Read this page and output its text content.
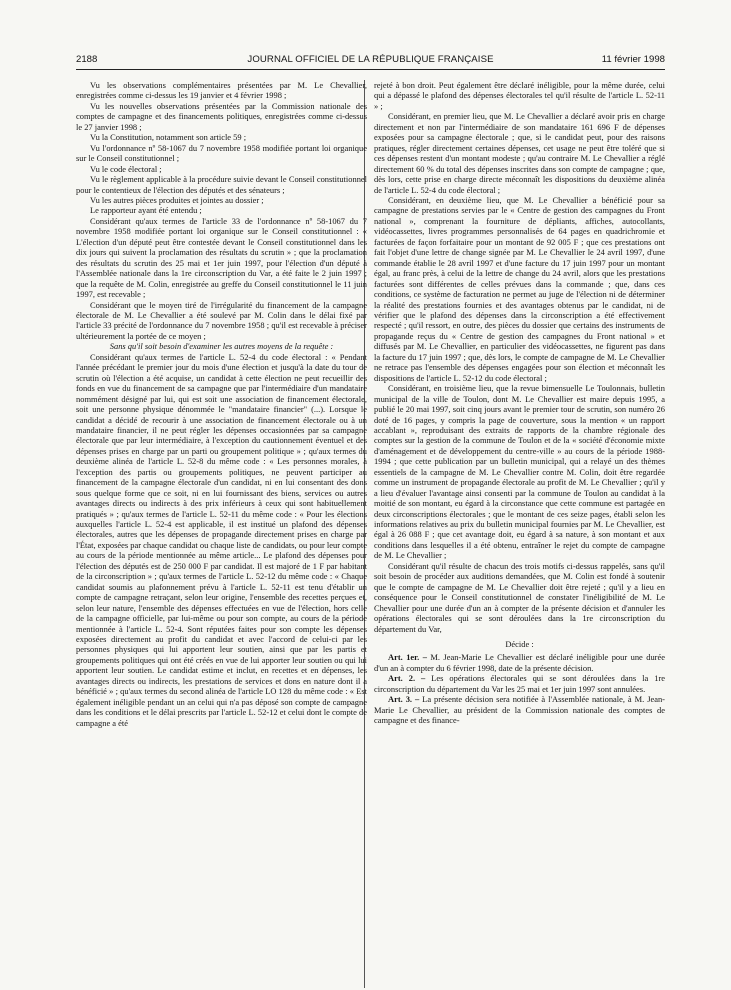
2188	JOURNAL OFFICIEL DE LA RÉPUBLIQUE FRANÇAISE	11 février 1998

Vu les observations complémentaires présentées par M. Le Chevallier, enregistrées comme ci-dessus les 19 janvier et 4 février 1998 ;

Vu les nouvelles observations présentées par la Commission nationale des comptes de campagne et des financements politiques, enregistrées comme ci-dessus le 27 janvier 1998 ;

Vu la Constitution, notamment son article 59 ;

Vu l'ordonnance nº 58-1067 du 7 novembre 1958 modifiée portant loi organique sur le Conseil constitutionnel ;

Vu le code électoral ;

Vu le règlement applicable à la procédure suivie devant le Conseil constitutionnel pour le contentieux de l'élection des députés et des sénateurs ;

Vu les autres pièces produites et jointes au dossier ;

Le rapporteur ayant été entendu ;

Considérant qu'aux termes de l'article 33 de l'ordonnance nº 58-1067 du 7 novembre 1958 modifiée portant loi organique sur le Conseil constitutionnel : « L'élection d'un député peut être contestée devant le Conseil constitutionnel dans les dix jours qui suivent la proclamation des résultats du scrutin » ; que la proclamation des résultats du scrutin des 25 mai et 1er juin 1997, pour l'élection d'un député à l'Assemblée nationale dans la 1re circonscription du Var, a été faite le 2 juin 1997 ; que la requête de M. Colin, enregistrée au greffe du Conseil constitutionnel le 11 juin 1997, est recevable ;

Considérant que le moyen tiré de l'irrégularité du financement de la campagne électorale de M. Le Chevallier a été soulevé par M. Colin dans le délai fixé par l'article 33 précité de l'ordonnance du 7 novembre 1958 ; qu'il est recevable à préciser ultérieurement la portée de ce moyen ;

Sans qu'il soit besoin d'examiner les autres moyens de la requête :

Considérant qu'aux termes de l'article L. 52-4 du code électoral : « Pendant l'année précédant le premier jour du mois d'une élection et jusqu'à la date du tour de scrutin où l'élection a été acquise, un candidat à cette élection ne peut recueillir des fonds en vue du financement de sa campagne que par l'intermédiaire d'un mandataire nommément désigné par lui, qui est soit une association de financement électorale, soit une personne physique dénommée le "mandataire financier" (...). Lorsque le candidat a décidé de recourir à une association de financement électorale ou à un mandataire financier, il ne peut régler les dépenses occasionnées par sa campagne électorale que par leur intermédiaire, à l'exception du cautionnement éventuel et des dépenses prises en charge par un parti ou groupement politique » ; qu'aux termes du deuxième alinéa de l'article L. 52-8 du même code : « Les personnes morales, à l'exception des partis ou groupements politiques, ne peuvent participer au financement de la campagne électorale d'un candidat, ni en lui consentant des dons sous quelque forme que ce soit, ni en lui fournissant des biens, services ou autres avantages directs ou indirects à des prix inférieurs à ceux qui sont habituellement pratiqués » ; qu'aux termes de l'article L. 52-11 du même code : « Pour les élections auxquelles l'article L. 52-4 est applicable, il est institué un plafond des dépenses électorales, autres que les dépenses de propagande directement prises en charge par l'État, exposées par chaque candidat ou chaque liste de candidats, ou pour leur compte au cours de la période mentionnée au même article... Le plafond des dépenses pour l'élection des députés est de 250 000 F par candidat. Il est majoré de 1 F par habitant de la circonscription » ; qu'aux termes de l'article L. 52-12 du même code : « Chaque candidat soumis au plafonnement prévu à l'article L. 52-11 est tenu d'établir un compte de campagne retraçant, selon leur origine, l'ensemble des recettes perçues et, selon leur nature, l'ensemble des dépenses effectuées en vue de l'élection, hors celle de la campagne officielle, par lui-même ou pour son compte, au cours de la période mentionnée à l'article L. 52-4. Sont réputées faites pour son compte les dépenses exposées directement au profit du candidat et avec l'accord de celui-ci par les personnes physiques qui lui apportent leur soutien, ainsi que par les partis et groupements politiques qui ont été créés en vue de lui apporter leur soutien ou qui lui apportent leur soutien. Le candidat estime et inclut, en recettes et en dépenses, les avantages directs ou indirects, les prestations de services et dons en nature dont il a bénéficié » ; qu'aux termes du second alinéa de l'article LO 128 du même code : « Est également inéligible pendant un an celui qui n'a pas déposé son compte de campagne dans les conditions et le délai prescrits par l'article L. 52-12 et celui dont le compte de campagne a été

rejeté à bon droit. Peut également être déclaré inéligible, pour la même durée, celui qui a dépassé le plafond des dépenses électorales tel qu'il résulte de l'article L. 52-11 » ;

Considérant, en premier lieu, que M. Le Chevallier a déclaré avoir pris en charge directement et non par l'intermédiaire de son mandataire 161 696 F de dépenses exposées pour sa campagne électorale ; que, si le candidat peut, pour des raisons pratiques, régler directement certaines dépenses, cet usage ne peut être toléré que si ces dépenses restent d'un montant modeste ; qu'au contraire M. Le Chevallier a réglé directement 60 % du total des dépenses inscrites dans son compte de campagne ; que, dès lors, cette prise en charge directe méconnaît les dispositions du deuxième alinéa de l'article L. 52-4 du code électoral ;

Considérant, en deuxième lieu, que M. Le Chevallier a bénéficié pour sa campagne de prestations servies par le « Centre de gestion des campagnes du Front national », comprenant la fourniture de dépliants, affiches, autocollants, vidéocassettes, livres programmes personnalisés de 64 pages en quadrichromie et facturées de façon forfaitaire pour un montant de 92 005 F ; que ces prestations ont fait l'objet d'une lettre de change signée par M. Le Chevallier le 24 avril 1997, d'une commande établie le 28 avril 1997 et d'une facture du 17 juin 1997 pour un montant égal, au franc près, à celui de la lettre de change du 24 avril, alors que les prestations facturées sont différentes de celles prévues dans la commande ; que, dans ces conditions, ce système de facturation ne permet au juge de l'élection ni de déterminer la réalité des prestations fournies et des avantages obtenus par le candidat, ni de vérifier que le plafond des dépenses dans la circonscription a été effectivement respecté ; qu'il ressort, en outre, des pièces du dossier que certains des instruments de propagande reçus du « Centre de gestion des campagnes du Front national » et diffusés par M. Le Chevallier, en particulier des vidéocassettes, ne figurent pas dans la facture du 17 juin 1997 ; que, dès lors, le compte de campagne de M. Le Chevallier ne retrace pas l'ensemble des dépenses engagées pour son élection et méconnaît les dispositions de l'article L. 52-12 du code électoral ;

Considérant, en troisième lieu, que la revue bimensuelle Le Toulonnais, bulletin municipal de la ville de Toulon, dont M. Le Chevallier est maire depuis 1995, a publié le 20 mai 1997, soit cinq jours avant le premier tour de scrutin, son numéro 26 doté de 16 pages, y compris la page de couverture, sous la mention « un rapport accablant », reproduisant des extraits de rapports de la chambre régionale des comptes sur la gestion de la commune de Toulon et de la « société d'économie mixte d'aménagement et de développement du centre-ville » au cours de la période 1988-1994 ; que cette publication par un bulletin municipal, qui a relayé un des thèmes essentiels de la campagne de M. Le Chevallier contre M. Colin, doit être regardée comme un instrument de propagande électorale au profit de M. Le Chevallier ; qu'il y a lieu d'évaluer l'avantage ainsi consenti par la commune de Toulon au candidat à la moitié de son montant, eu égard à la circonstance que cette commune est partagée en deux circonscriptions électorales ; que le montant de ces seize pages, établi selon les informations relatives au prix du bulletin municipal fournies par M. Le Chevallier, est égal à 26 088 F ; que cet avantage doit, eu égard à sa nature, à son montant et aux conditions dans lesquelles il a été obtenu, entraîner le rejet du compte de campagne de M. Le Chevallier ;

Considérant qu'il résulte de chacun des trois motifs ci-dessus rappelés, sans qu'il soit besoin de procéder aux auditions demandées, que M. Colin est fondé à soutenir que le compte de campagne de M. Le Chevallier doit être rejeté ; qu'il y a lieu en conséquence pour le Conseil constitutionnel de constater l'inéligibilité de M. Le Chevallier pour une durée d'un an à compter de la présente décision et d'annuler les opérations électorales qui se sont déroulées dans la 1re circonscription du département du Var,

Décide :

Art. 1er. – M. Jean-Marie Le Chevallier est déclaré inéligible pour une durée d'un an à compter du 6 février 1998, date de la présente décision.

Art. 2. – Les opérations électorales qui se sont déroulées dans la 1re circonscription du département du Var les 25 mai et 1er juin 1997 sont annulées.

Art. 3. – La présente décision sera notifiée à l'Assemblée nationale, à M. Jean-Marie Le Chevallier, au président de la Commission nationale des comptes de campagne et des finance-
